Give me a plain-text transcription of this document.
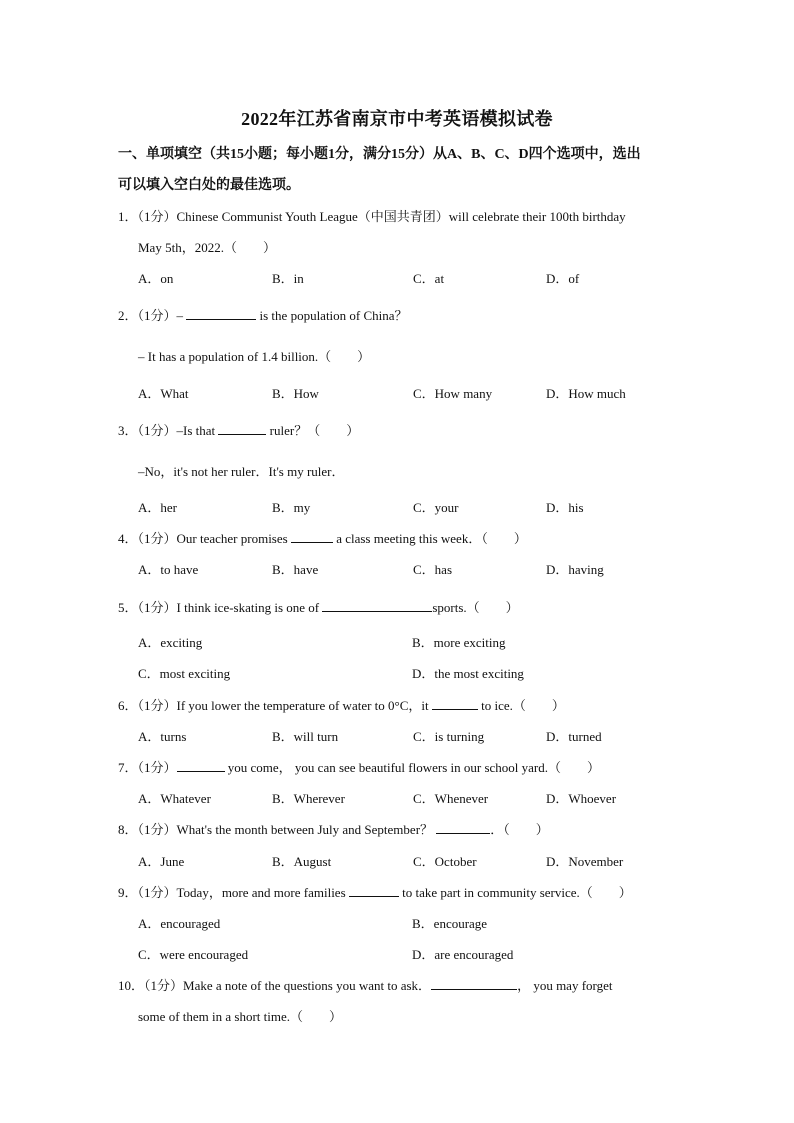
2022年江苏省南京市中考英语模拟试卷
一、单项填空（共15小题；每小题1分，满分15分）从A、B、C、D四个选项中，选出
可以填入空白处的最佳选项。
1．（1分）Chinese Communist Youth League（中国共青团）will celebrate their 100th birthday
May 5th，2022.（　　）
A．on	B．in	C．at	D．of
2．（1分）–	is the population of China？
– It has a population of 1.4 billion.（　　）
A．What	B．How	C．How many	D．How much
3．（1分）–Is that	ruler？（　　）
–No，it's not her ruler．It's my ruler．
A．her	B．my	C．your	D．his
4．（1分）Our teacher promises	a class meeting this week．（　　）
A．to have	B．have	C．has	D．having
5．（1分）I think ice-skating is one of	sports.（　　）
A．exciting	B．more exciting
C．most exciting	D．the most exciting
6．（1分）If you lower the temperature of water to 0°C，it	to ice.（　　）
A．turns	B．will turn	C．is turning	D．turned
7．（1分）	you come， you can see beautiful flowers in our school yard.（　　）
A．Whatever	B．Wherever	C．Whenever	D．Whoever
8．（1分）What's the month between July and September？	．（　　）
A．June	B．August	C．October	D．November
9．（1分）Today，more and more families	to take part in community service.（　　）
A．encouraged	B．encourage
C．were encouraged	D．are encouraged
10．（1分）Make a note of the questions you want to ask．	， you may forget
some of them in a short time.（　　）
